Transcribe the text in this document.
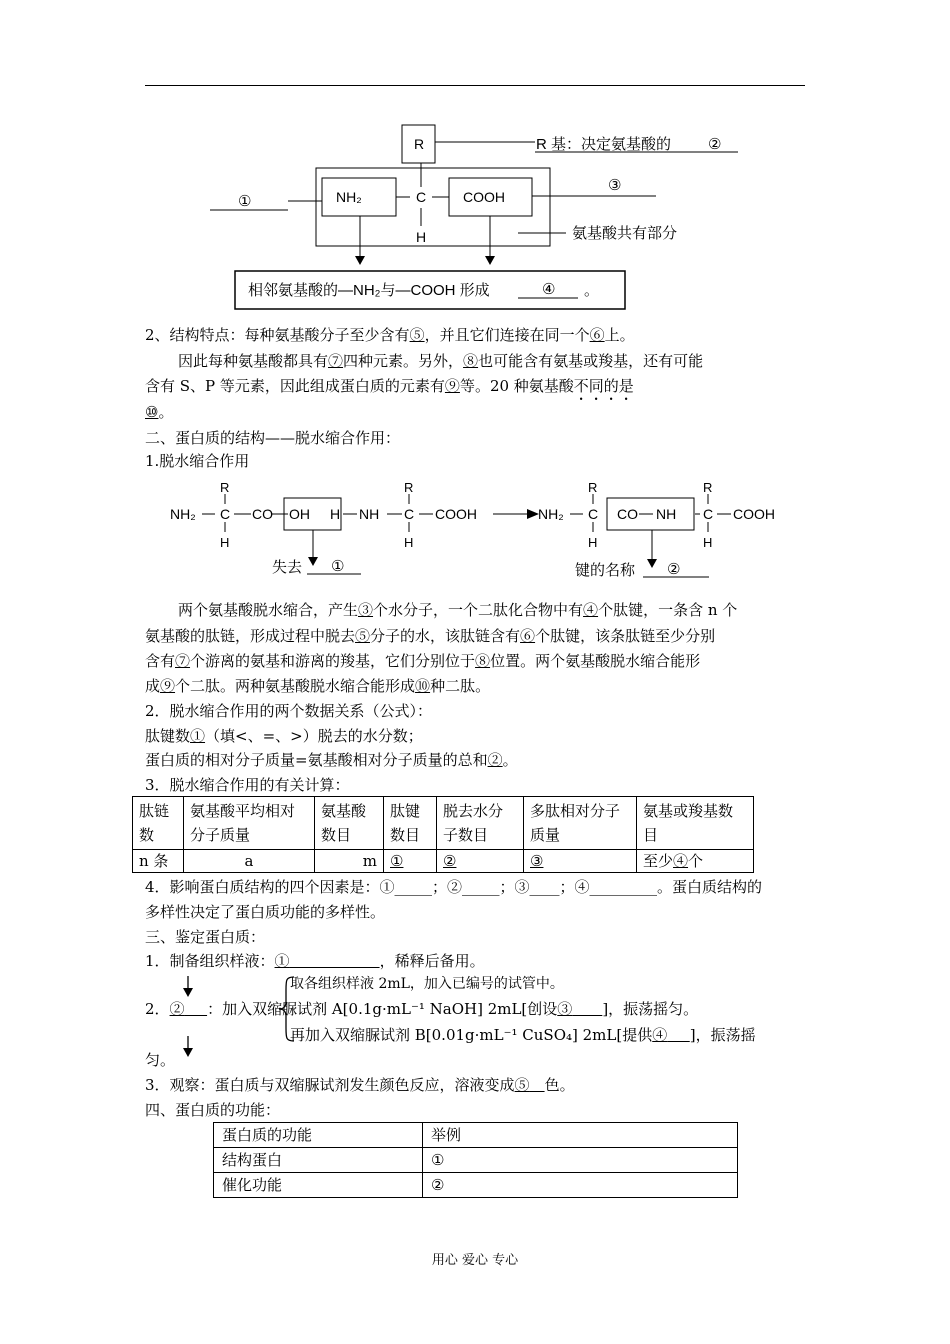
R	R 基：决定氨基酸的 ②
①	NH₂	C	COOH
H
③
氨基酸共有部分
相邻氨基酸的—NH₂与—COOH 形成	④ 。
2、结构特点：每种氨基酸分子至少含有⑤，并且它们连接在同一个⑥上。
因此每种氨基酸都具有⑦四种元素。另外，⑧也可能含有氨基或羧基，还有可能
含有 S、P 等元素，因此组成蛋白质的元素有⑨等。20 种氨基酸不同的是
⑩。
二、蛋白质的结构——脱水缩合作用：
1.脱水缩合作用
NH₂
R
C
H
CO OH H NH
R
C
H
COOH	NH₂
R
C
H
CO NH
R
C
H
COOH
失去 ①	键的名称 ②
两个氨基酸脱水缩合，产生③个水分子，一个二肽化合物中有④个肽键，一条含 n 个
氨基酸的肽链，形成过程中脱去⑤分子的水，该肽链含有⑥个肽键，该条肽链至少分别
含有⑦个游离的氨基和游离的羧基，它们分别位于⑧位置。两个氨基酸脱水缩合能形
成⑨个二肽。两种氨基酸脱水缩合能形成⑩种二肽。
2．脱水缩合作用的两个数据关系（公式）：
肽键数①（填<、=、>）脱去的水分数；
蛋白质的相对分子质量=氨基酸相对分子质量的总和②。
3．脱水缩合作用的有关计算：
肽链数	氨基酸平均相对分子质量	氨基酸数目	肽键数目	脱去水分子数目	多肽相对分子质量	氨基或羧基数目
n 条	a	m	①	②	③	至少④个
4．影响蛋白质结构的四个因素是：①_____；②_____；③____；④_________。蛋白质结构的
多样性决定了蛋白质功能的多样性。
三、鉴定蛋白质：
1．制备组织样液：①            	，稀释后备用。
取各组织样液 2mL，加入已编号的试管中。
2．②    ：加入双缩脲试剂 A[0.1g·mL⁻¹ NaOH] 2mL[创设③     ]，振荡摇匀。
再加入双缩脲试剂 B[0.01g·mL⁻¹ CuSO₄] 2mL[提供④    ]，振荡摇
匀。
3．观察：蛋白质与双缩脲试剂发生颜色反应，溶液变成⑤   色。
四、蛋白质的功能：
蛋白质的功能	举例
结构蛋白	①
催化功能	②
用心 爱心 专心
